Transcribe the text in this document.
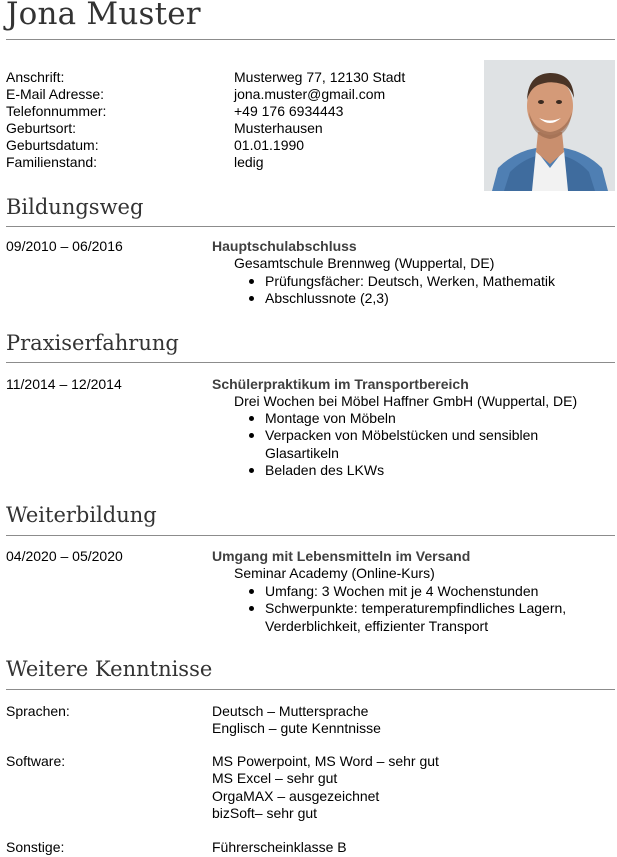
Jona Muster
Anschrift:	Musterweg 77, 12130 Stadt
E-Mail Adresse:	jona.muster@gmail.com
Telefonnummer:	+49 176 6934443
Geburtsort:	Musterhausen
Geburtsdatum:	01.01.1990
Familienstand:	ledig
Bildungsweg
09/2010 – 06/2016	Hauptschulabschluss
Gesamtschule Brennweg (Wuppertal, DE)
Prüfungsfächer: Deutsch, Werken, Mathematik
Abschlussnote (2,3)
Praxiserfahrung
11/2014 – 12/2014	Schülerpraktikum im Transportbereich
Drei Wochen bei Möbel Haffner GmbH (Wuppertal, DE)
Montage von Möbeln
Verpacken von Möbelstücken und sensiblen Glasartikeln
Beladen des LKWs
Weiterbildung
04/2020 – 05/2020	Umgang mit Lebensmitteln im Versand
Seminar Academy (Online-Kurs)
Umfang: 3 Wochen mit je 4 Wochenstunden
Schwerpunkte: temperaturempfindliches Lagern, Verderblichkeit, effizienter Transport
Weitere Kenntnisse
Sprachen:	Deutsch – Muttersprache
Englisch – gute Kenntnisse
Software:	MS Powerpoint, MS Word – sehr gut
MS Excel – sehr gut
OrgaMAX – ausgezeichnet
bizSoft– sehr gut
Sonstige:	Führerscheinklasse B
